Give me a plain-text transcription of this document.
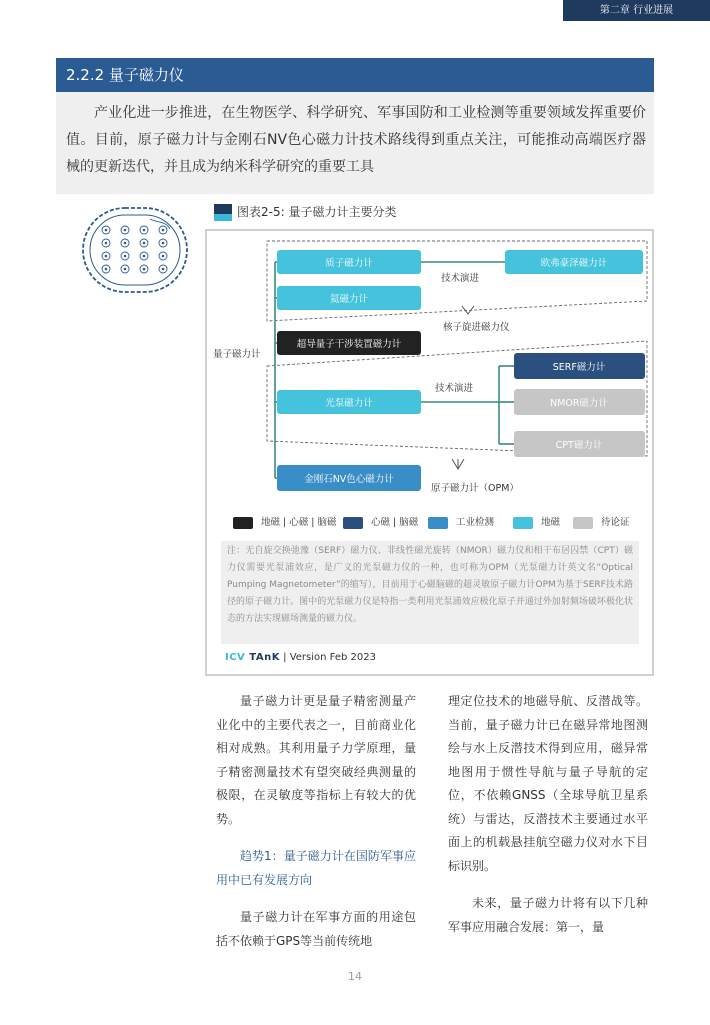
第二章 行业进展
2.2.2 量子磁力仪
产业化进一步推进，在生物医学、科学研究、军事国防和工业检测等重要领域发挥重要价值。目前，原子磁力计与金刚石NV色心磁力计技术路线得到重点关注，可能推动高端医疗器械的更新迭代，并且成为纳米科学研究的重要工具
图表2-5: 量子磁力计主要分类
量子磁力计
质子磁力计	欧弗豪泽磁力计
技术演进
氦磁力计
核子旋进磁力仪
超导量子干涉装置磁力计
SERF磁力计
技术演进
光泵磁力计	NMOR磁力计
CPT磁力计
金刚石NV色心磁力计
原子磁力计（OPM）
地磁 | 心磁 | 脑磁	心磁 | 脑磁	工业检测	地磁	待论证
注：无自旋交换弛豫（SERF）磁力仪、非线性磁光旋转（NMOR）磁力仪和相干布居囚禁（CPT）磁力仪需要光泵浦效应，是广义的光泵磁力仪的一种，也可称为OPM（光泵磁力计英文名“Optical Pumping Magnetometer”的缩写），目前用于心磁脑磁的超灵敏原子磁力计OPM为基于SERF技术路径的原子磁力计。图中的光泵磁力仪是特指一类利用光泵浦效应极化原子并通过外加射频场破坏极化状态的方法实现磁场测量的磁力仪。
ICV TAnK | Version Feb 2023

量子磁力计更是量子精密测量产业化中的主要代表之一，目前商业化相对成熟。其利用量子力学原理，量子精密测量技术有望突破经典测量的极限，在灵敏度等指标上有较大的优势。

趋势1：量子磁力计在国防军事应用中已有发展方向

量子磁力计在军事方面的用途包括不依赖于GPS等当前传统地

理定位技术的地磁导航、反潜战等。当前，量子磁力计已在磁异常地图测绘与水上反潜技术得到应用，磁异常地图用于惯性导航与量子导航的定位，不依赖GNSS（全球导航卫星系统）与雷达，反潜技术主要通过水平面上的机载悬挂航空磁力仪对水下目标识别。

未来，量子磁力计将有以下几种军事应用融合发展：第一，量

14
